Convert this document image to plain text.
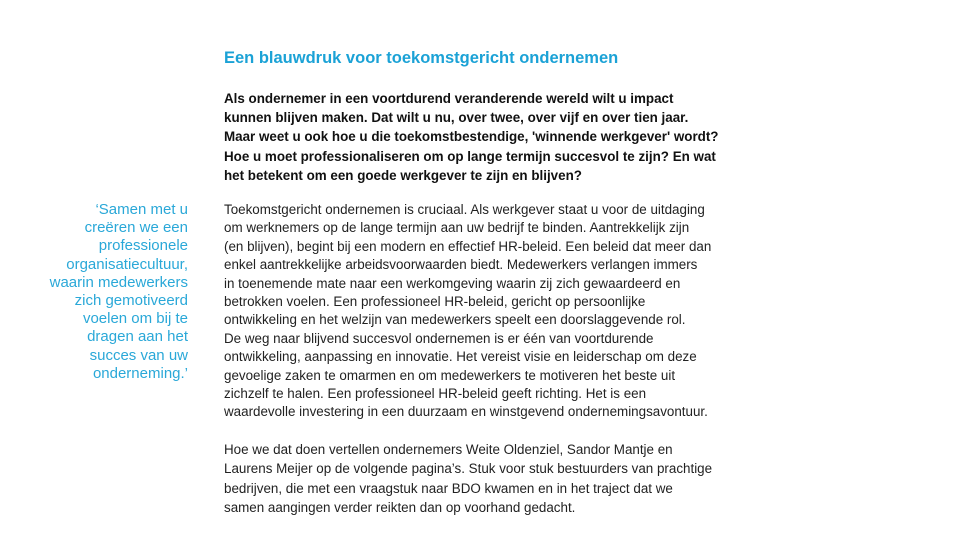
Een blauwdruk voor toekomstgericht ondernemen
‘Samen met u
creëren we een
professionele
organisatiecultuur,
waarin medewerkers
zich gemotiveerd
voelen om bij te
dragen aan het
succes van uw
onderneming.’
Als ondernemer in een voortdurend veranderende wereld wilt u impact
kunnen blijven maken. Dat wilt u nu, over twee, over vijf en over tien jaar.
Maar weet u ook hoe u die toekomstbestendige, 'winnende werkgever' wordt?
Hoe u moet professionaliseren om op lange termijn succesvol te zijn? En wat
het betekent om een goede werkgever te zijn en blijven?
Toekomstgericht ondernemen is cruciaal. Als werkgever staat u voor de uitdaging
om werknemers op de lange termijn aan uw bedrijf te binden. Aantrekkelijk zijn
(en blijven), begint bij een modern en effectief HR-beleid. Een beleid dat meer dan
enkel aantrekkelijke arbeidsvoorwaarden biedt. Medewerkers verlangen immers
in toenemende mate naar een werkomgeving waarin zij zich gewaardeerd en
betrokken voelen. Een professioneel HR-beleid, gericht op persoonlijke
ontwikkeling en het welzijn van medewerkers speelt een doorslaggevende rol.
De weg naar blijvend succesvol ondernemen is er één van voortdurende
ontwikkeling, aanpassing en innovatie. Het vereist visie en leiderschap om deze
gevoelige zaken te omarmen en om medewerkers te motiveren het beste uit
zichzelf te halen. Een professioneel HR-beleid geeft richting. Het is een
waardevolle investering in een duurzaam en winstgevend ondernemingsavontuur.
Hoe we dat doen vertellen ondernemers Weite Oldenziel, Sandor Mantje en
Laurens Meijer op de volgende pagina’s. Stuk voor stuk bestuurders van prachtige
bedrijven, die met een vraagstuk naar BDO kwamen en in het traject dat we
samen aangingen verder reikten dan op voorhand gedacht.
